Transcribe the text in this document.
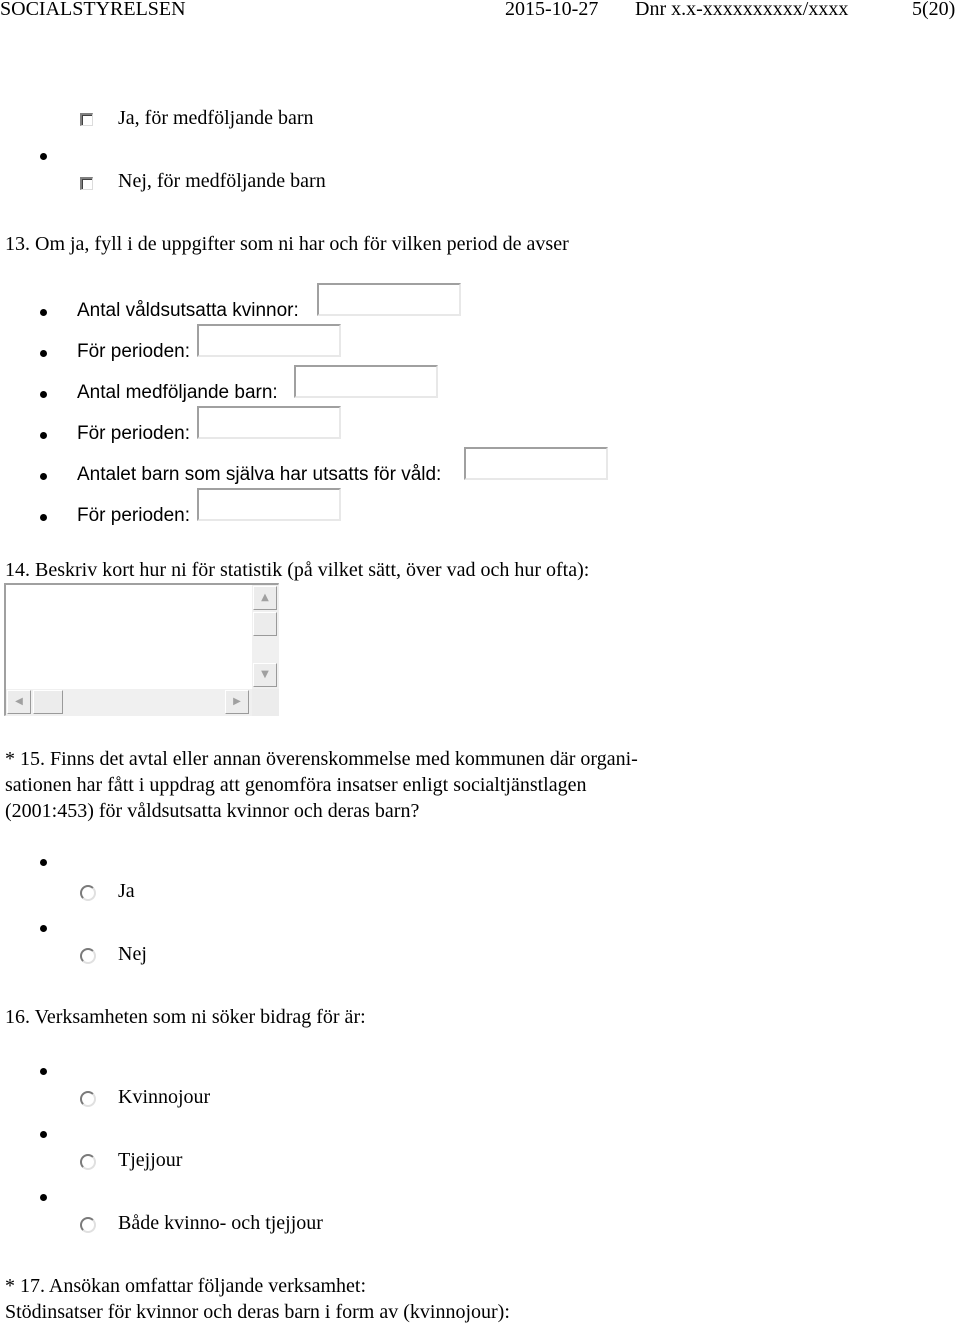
SOCIALSTYRELSEN	2015-10-27 Dnr x.x-xxxxxxxxxx/xxxx	5(20)
Ja, för medföljande barn
Nej, för medföljande barn
13. Om ja, fyll i de uppgifter som ni har och för vilken period de avser
Antal våldsutsatta kvinnor:
För perioden:
Antal medföljande barn:
För perioden:
Antalet barn som själva har utsatts för våld:
För perioden:
14. Beskriv kort hur ni för statistik (på vilket sätt, över vad och hur ofta):
▲
▼
◀	▶
* 15. Finns det avtal eller annan överenskommelse med kommunen där organi-
sationen har fått i uppdrag att genomföra insatser enligt socialtjänstlagen
(2001:453) för våldsutsatta kvinnor och deras barn?
Ja
Nej
16. Verksamheten som ni söker bidrag för är:
Kvinnojour
Tjejjour
Både kvinno- och tjejjour
* 17. Ansökan omfattar följande verksamhet:
Stödinsatser för kvinnor och deras barn i form av (kvinnojour):
